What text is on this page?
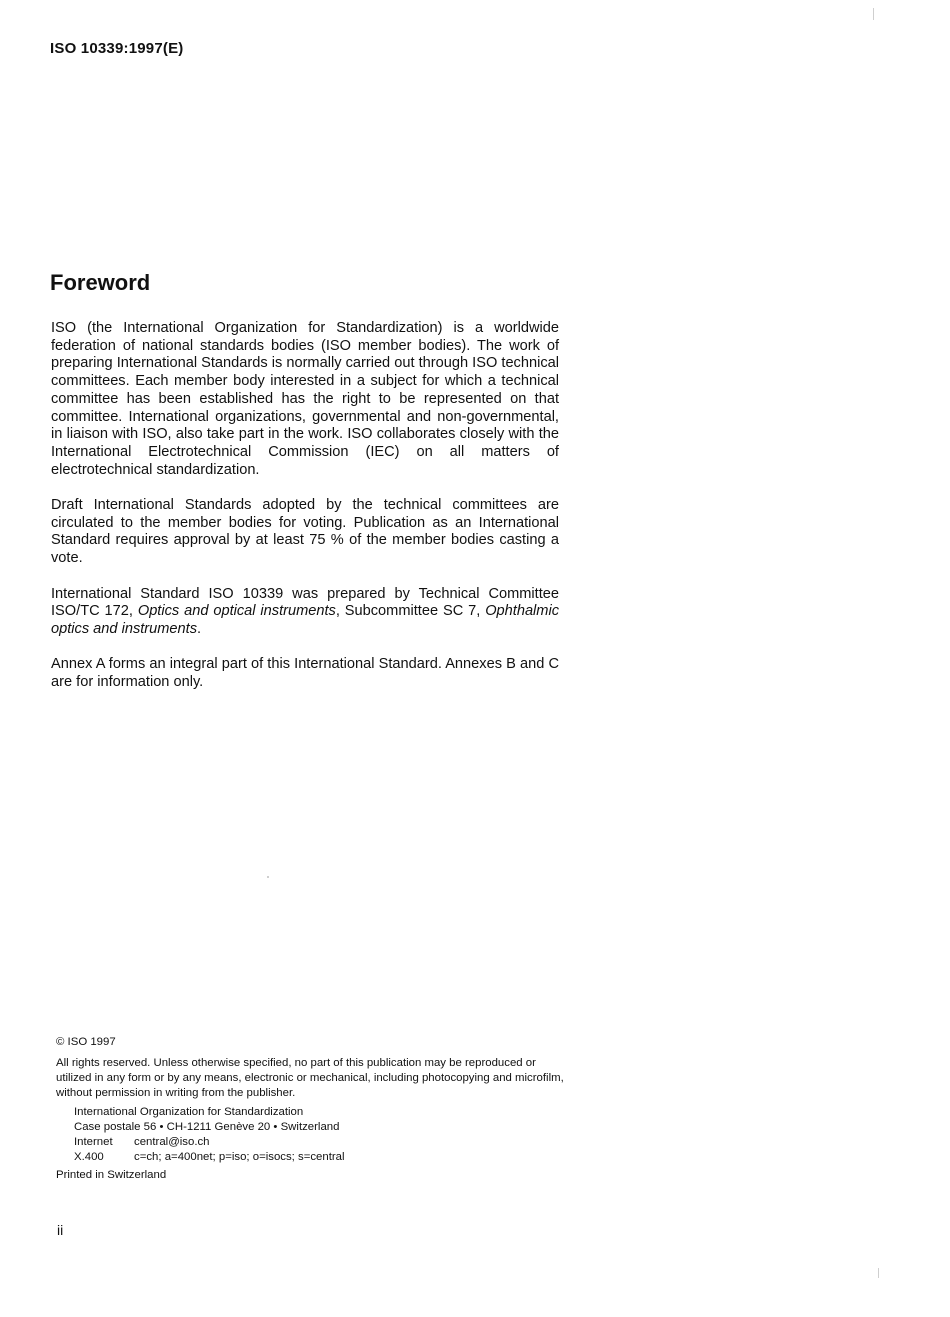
ISO 10339:1997(E)
Foreword

ISO (the International Organization for Standardization) is a worldwide federation of national standards bodies (ISO member bodies). The work of preparing International Standards is normally carried out through ISO technical committees. Each member body interested in a subject for which a technical committee has been established has the right to be represented on that committee. International organizations, governmental and non-governmental, in liaison with ISO, also take part in the work. ISO collaborates closely with the International Electrotechnical Commission (IEC) on all matters of electrotechnical standardization.

Draft International Standards adopted by the technical committees are circulated to the member bodies for voting. Publication as an International Standard requires approval by at least 75 % of the member bodies casting a vote.

International Standard ISO 10339 was prepared by Technical Committee ISO/TC 172, Optics and optical instruments, Subcommittee SC 7, Ophthalmic optics and instruments.

Annex A forms an integral part of this International Standard. Annexes B and C are for information only.

© ISO 1997
All rights reserved. Unless otherwise specified, no part of this publication may be reproduced or utilized in any form or by any means, electronic or mechanical, including photocopying and microfilm, without permission in writing from the publisher.
International Organization for Standardization
Case postale 56 • CH-1211 Genève 20 • Switzerland
Internet central@iso.ch
X.400	c=ch; a=400net; p=iso; o=isocs; s=central
Printed in Switzerland
ii
